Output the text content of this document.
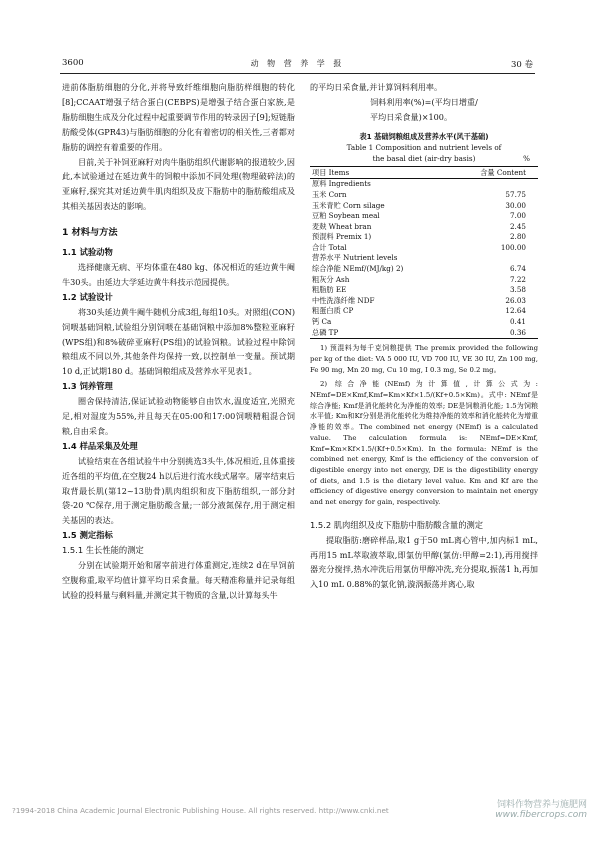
3600	动 物 营 养 学 报	30 卷

进前体脂肪细胞的分化,并将导致纤维细胞向脂肪样细胞的转化[8];CCAAT增强子结合蛋白(CEBPS)是增强子结合蛋白家族,是脂肪细胞生成及分化过程中起重要调节作用的转录因子[9];短链脂肪酸受体(GPR43)与脂肪细胞的分化有着密切的相关性,三者都对脂肪的调控有着重要的作用。

目前,关于补饲亚麻籽对肉牛脂肪组织代谢影响的报道较少,因此,本试验通过在延边黄牛的饲粮中添加不同处理(物理破碎法)的亚麻籽,探究其对延边黄牛肌肉组织及皮下脂肪中的脂肪酸组成及其相关基因表达的影响。

1 材料与方法
1.1 试验动物

选择健康无病、平均体重在480 kg、体况相近的延边黄牛阉牛30头。由延边大学延边黄牛科技示范园提供。

1.2 试验设计

将30头延边黄牛阉牛随机分成3组,每组10头。对照组(CON)饲喂基础饲粮,试验组分别饲喂在基础饲粮中添加8%整粒亚麻籽(WPS组)和8%破碎亚麻籽(PS组)的试验饲粮。试验过程中除饲粮组成不同以外,其他条件均保持一致,以控制单一变量。预试期10 d,正试期180 d。基础饲粮组成及营养水平见表1。

1.3 饲养管理

圈舍保持清洁,保证试验动物能够自由饮水,温度适宜,光照充足,相对湿度为55%,并且每天在05:00和17:00饲喂精粗混合饲粮,自由采食。

1.4 样品采集及处理

试验结束在各组试验牛中分别挑选3头牛,体况相近,且体重接近各组的平均值,在空腹24 h以后进行流水线式屠宰。屠宰结束后取背最长肌(第12~13肋骨)肌肉组织和皮下脂肪组织,一部分封袋-20 ℃保存,用于测定脂肪酸含量;一部分液氮保存,用于测定相关基因的表达。

1.5 测定指标
1.5.1 生长性能的测定

分别在试验期开始和屠宰前进行体重测定,连续2 d在早饲前空腹称重,取平均值计算平均日采食量。每天精准称量并记录每组试验的投料量与剩料量,并测定其干物质的含量,以计算每头牛

的平均日采食量,并计算饲料利用率。

饲料利用率(%)=(平均日增重/

平均日采食量)×100。

表1 基础饲粮组成及营养水平(风干基础)

Table 1 Composition and nutrient levels of

the basal diet (air-dry basis)	%

项目 Items	含量 Content
原料 Ingredients	
玉米 Corn	57.75
玉米青贮 Corn silage	30.00
豆粕 Soybean meal	7.00
麦麸 Wheat bran	2.45
预混料 Premix 1)	2.80
合计 Total	100.00
营养水平 Nutrient levels	
综合净能 NEmf/(MJ/kg) 2)	6.74
粗灰分 Ash	7.22
粗脂肪 EE	3.58
中性洗涤纤维 NDF	26.03
粗蛋白质 CP	12.64
钙 Ca	0.41
总磷 TP	0.36

1) 预混料为每千克饲粮提供 The premix provided the following per kg of the diet: VA 5 000 IU, VD 700 IU, VE 30 IU, Zn 100 mg, Fe 90 mg, Mn 20 mg, Cu 10 mg, I 0.3 mg, Se 0.2 mg。

2) 综合净能(NEmf)为计算值,计算公式为: NEmf=DE×Kmf,Kmf=Km×Kf×1.5/(Kf+0.5×Km)。式中: NEmf是综合净能; Kmf是消化能转化为净能的效率; DE是饲粮消化能; 1.5为饲粮水平值; Km和Kf分别是消化能转化为维持净能的效率和消化能转化为增重净能的效率。The combined net energy (NEmf) is a calculated value. The calculation formula is: NEmf=DE×Kmf, Kmf=Km×Kf×1.5/(Kf+0.5×Km). In the formula: NEmf is the combined net energy, Kmf is the efficiency of the conversion of digestible energy into net energy, DE is the digestibility energy of diets, and 1.5 is the dietary level value. Km and Kf are the efficiency of digestive energy conversion to maintain net energy and net energy for gain, respectively.

1.5.2 肌肉组织及皮下脂肪中脂肪酸含量的测定

提取脂肪:磨碎样品,取1 g于50 mL离心管中,加内标1 mL,再用15 mL萃取液萃取,即氯仿甲醇(氯仿:甲醇=2:1),再用搅拌器充分搅拌,热水冲洗后用氯仿甲醇冲洗,充分提取,振荡1 h,再加入10 mL 0.88%的氯化钠,漩涡振荡并离心,取

?1994-2018 China Academic Journal Electronic Publishing House. All rights reserved. http://www.cnki.net
饲料作物营养与施肥网
www.fibercrops.com
